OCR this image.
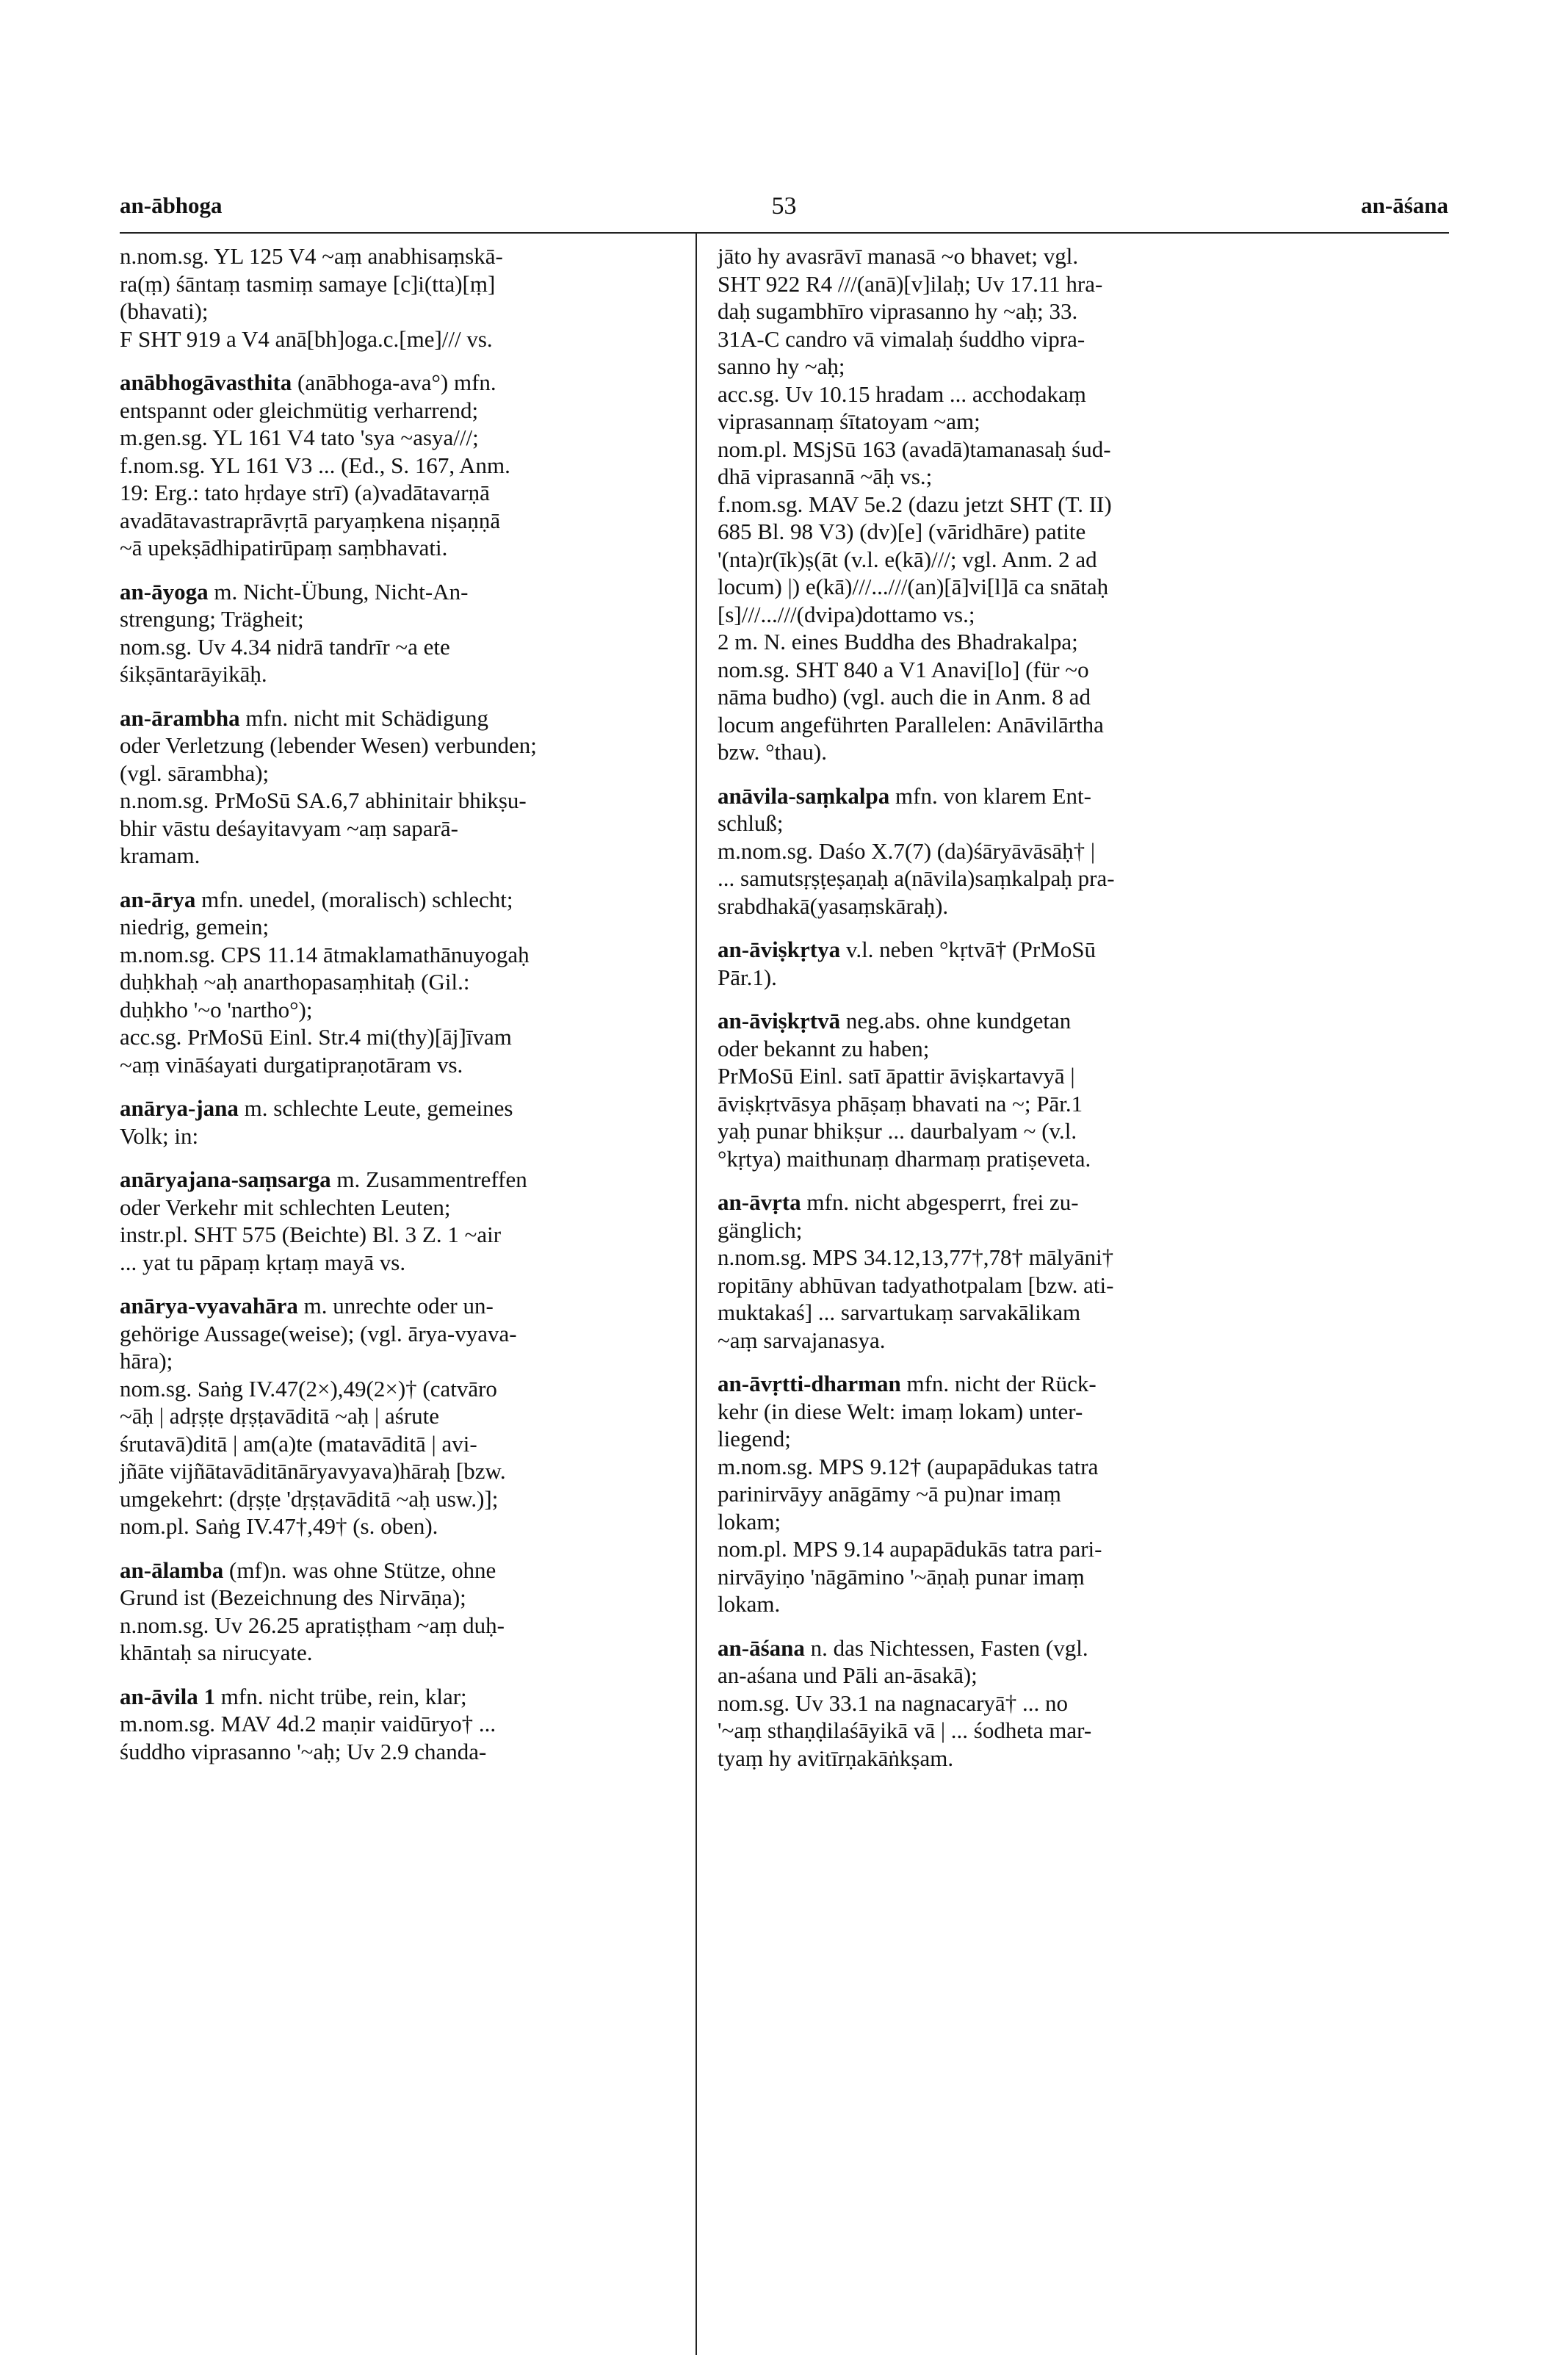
an-ābhoga	53	an-āśana
n.nom.sg. YL 125 V4 ~aṃ anabhisaṃskā-
ra(ṃ) śāntaṃ tasmiṃ samaye [c]i(tta)[ṃ]
(bhavati);
F SHT 919 a V4 anā[bh]oga.c.[me]/// vs.
anābhogāvasthita (anābhoga-ava°) mfn.
entspannt oder gleichmütig verharrend;
m.gen.sg. YL 161 V4 tato 'sya ~asya///;
f.nom.sg. YL 161 V3 ... (Ed., S. 167, Anm.
19: Erg.: tato hṛdaye strī) (a)vadātavarṇā
avadātavastraprāvṛtā paryaṃkena niṣaṇṇā
~ā upekṣādhipatirūpaṃ saṃbhavati.
an-āyoga m. Nicht-Übung, Nicht-An-
strengung; Trägheit;
nom.sg. Uv 4.34 nidrā tandrīr ~a ete
śikṣāntarāyikāḥ.
an-ārambha mfn. nicht mit Schädigung
oder Verletzung (lebender Wesen) verbunden;
(vgl. sārambha);
n.nom.sg. PrMoSū SA.6,7 abhinitair bhikṣu-
bhir vāstu deśayitavyam ~aṃ saparā-
kramam.
an-ārya mfn. unedel, (moralisch) schlecht;
niedrig, gemein;
m.nom.sg. CPS 11.14 ātmaklamathānuyogaḥ
duḥkhaḥ ~aḥ anarthopasaṃhitaḥ (Gil.:
duḥkho '~o 'nartho°);
acc.sg. PrMoSū Einl. Str.4 mi(thy)[āj]īvam
~aṃ vināśayati durgatipraṇotāram vs.
anārya-jana m. schlechte Leute, gemeines
Volk; in:
anāryajana-saṃsarga m. Zusammentreffen
oder Verkehr mit schlechten Leuten;
instr.pl. SHT 575 (Beichte) Bl. 3 Z. 1 ~air
... yat tu pāpaṃ kṛtaṃ mayā vs.
anārya-vyavahāra m. unrechte oder un-
gehörige Aussage(weise); (vgl. ārya-vyava-
hāra);
nom.sg. Saṅg IV.47(2×),49(2×)† (catvāro
~āḥ | adṛṣṭe dṛṣṭavāditā ~aḥ | aśrute
śrutavā)ditā | am(a)te (matavāditā | avi-
jñāte vijñātavāditānāryavyava)hāraḥ [bzw.
umgekehrt: (dṛṣṭe 'dṛṣṭavāditā ~aḥ usw.)];
nom.pl. Saṅg IV.47†,49† (s. oben).
an-ālamba (mf)n. was ohne Stütze, ohne
Grund ist (Bezeichnung des Nirvāṇa);
n.nom.sg. Uv 26.25 apratiṣṭham ~aṃ duḥ-
khāntaḥ sa nirucyate.
an-āvila 1 mfn. nicht trübe, rein, klar;
m.nom.sg. MAV 4d.2 maṇir vaidūryo† ...
śuddho viprasanno '~aḥ; Uv 2.9 chanda-
jāto hy avasrāvī manasā ~o bhavet; vgl.
SHT 922 R4 ///(anā)[v]ilaḥ; Uv 17.11 hra-
daḥ sugambhīro viprasanno hy ~aḥ; 33.
31A-C candro vā vimalaḥ śuddho vipra-
sanno hy ~aḥ;
acc.sg. Uv 10.15 hradam ... acchodakaṃ
viprasannaṃ śītatoyam ~am;
nom.pl. MSjSū 163 (avadā)tamanasaḥ śud-
dhā viprasannā ~āḥ vs.;
f.nom.sg. MAV 5e.2 (dazu jetzt SHT (T. II)
685 Bl. 98 V3) (dv)[e] (vāridhāre) patite
'(nta)r(īk)ṣ(āt (v.l. e(kā)///; vgl. Anm. 2 ad
locum) |) e(kā)///...///(an)[ā]vi[l]ā ca snātaḥ
[s]///...///(dvipa)dottamo vs.;
2 m. N. eines Buddha des Bhadrakalpa;
nom.sg. SHT 840 a V1 Anavi[lo] (für ~o
nāma budho) (vgl. auch die in Anm. 8 ad
locum angeführten Parallelen: Anāvilārtha
bzw. °thau).
anāvila-saṃkalpa mfn. von klarem Ent-
schluß;
m.nom.sg. Daśo X.7(7) (da)śāryāvāsāḥ† |
... samutsṛṣṭeṣaṇaḥ a(nāvila)saṃkalpaḥ pra-
srabdhakā(yasaṃskāraḥ).
an-āviṣkṛtya v.l. neben °kṛtvā† (PrMoSū
Pār.1).
an-āviṣkṛtvā neg.abs. ohne kundgetan
oder bekannt zu haben;
PrMoSū Einl. satī āpattir āviṣkartavyā |
āviṣkṛtvāsya phāṣaṃ bhavati na ~; Pār.1
yaḥ punar bhikṣur ... daurbalyam ~ (v.l.
°kṛtya) maithunaṃ dharmaṃ pratiṣeveta.
an-āvṛta mfn. nicht abgesperrt, frei zu-
gänglich;
n.nom.sg. MPS 34.12,13,77†,78† mālyāni†
ropitāny abhūvan tadyathotpalam [bzw. ati-
muktakaś] ... sarvartukaṃ sarvakālikam
~aṃ sarvajanasya.
an-āvṛtti-dharman mfn. nicht der Rück-
kehr (in diese Welt: imaṃ lokam) unter-
liegend;
m.nom.sg. MPS 9.12† (aupapādukas tatra
parinirvāyy anāgāmy ~ā pu)nar imaṃ
lokam;
nom.pl. MPS 9.14 aupapādukās tatra pari-
nirvāyiṇo 'nāgāmino '~āṇaḥ punar imaṃ
lokam.
an-āśana n. das Nichtessen, Fasten (vgl.
an-aśana und Pāli an-āsakā);
nom.sg. Uv 33.1 na nagnacaryā† ... no
'~aṃ sthaṇḍilaśāyikā vā | ... śodheta mar-
tyaṃ hy avitīrṇakāṅkṣam.
